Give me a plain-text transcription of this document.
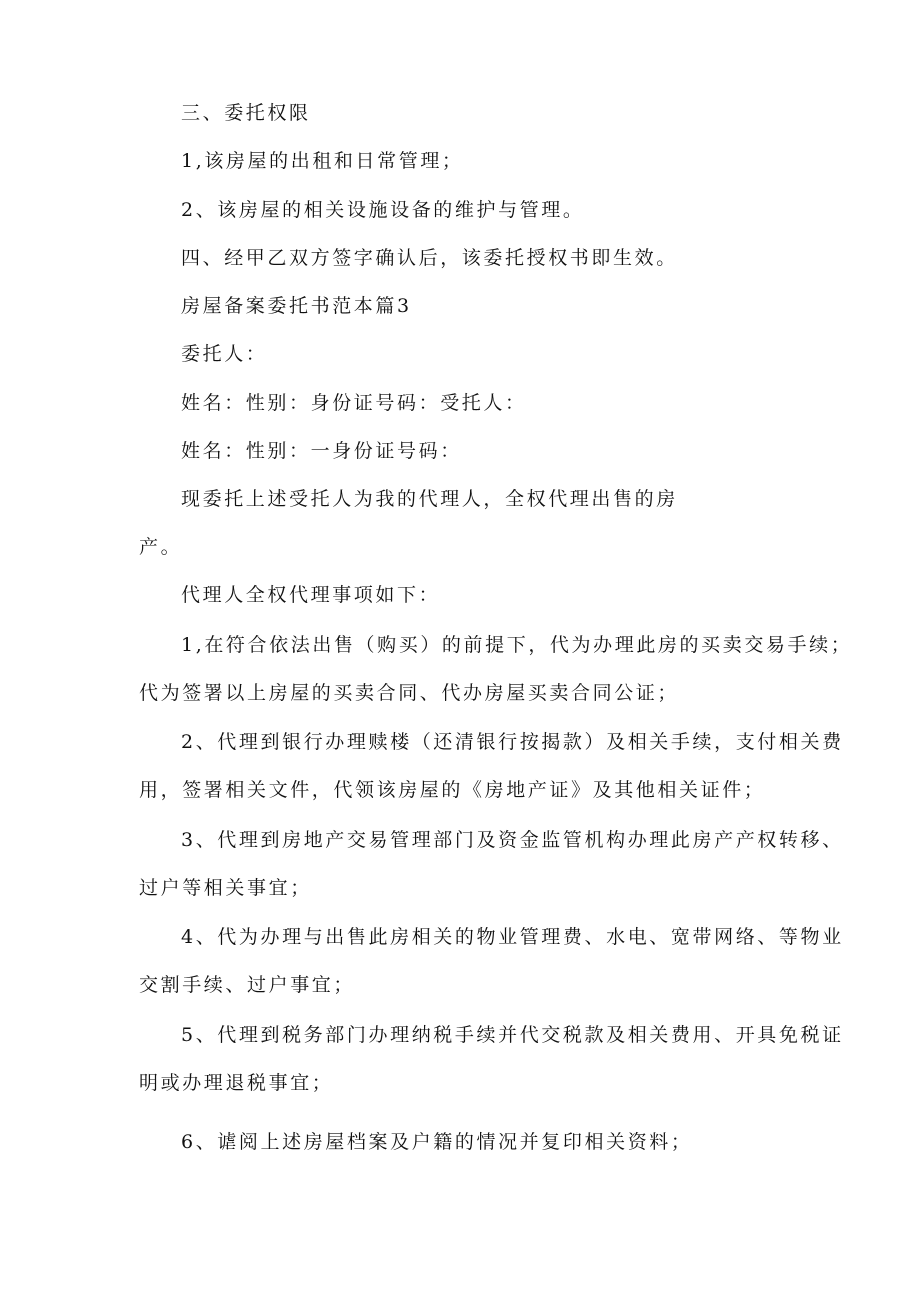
三、委托权限
1,该房屋的出租和日常管理；
2、该房屋的相关设施设备的维护与管理。
四、经甲乙双方签字确认后，该委托授权书即生效。
房屋备案委托书范本篇3
委托人：
姓名：性别：身份证号码：受托人：
姓名：性别：一身份证号码：
现委托上述受托人为我的代理人，全权代理出售的房
产。
代理人全权代理事项如下：
1,在符合依法出售（购买）的前提下，代为办理此房的买卖交易手续；
代为签署以上房屋的买卖合同、代办房屋买卖合同公证；
2、代理到银行办理赎楼（还清银行按揭款）及相关手续，支付相关费
用，签署相关文件，代领该房屋的《房地产证》及其他相关证件；
3、代理到房地产交易管理部门及资金监管机构办理此房产产权转移、
过户等相关事宜；
4、代为办理与出售此房相关的物业管理费、水电、宽带网络、等物业
交割手续、过户事宜；
5、代理到税务部门办理纳税手续并代交税款及相关费用、开具免税证
明或办理退税事宜；
6、谑阅上述房屋档案及户籍的情况并复印相关资料；
